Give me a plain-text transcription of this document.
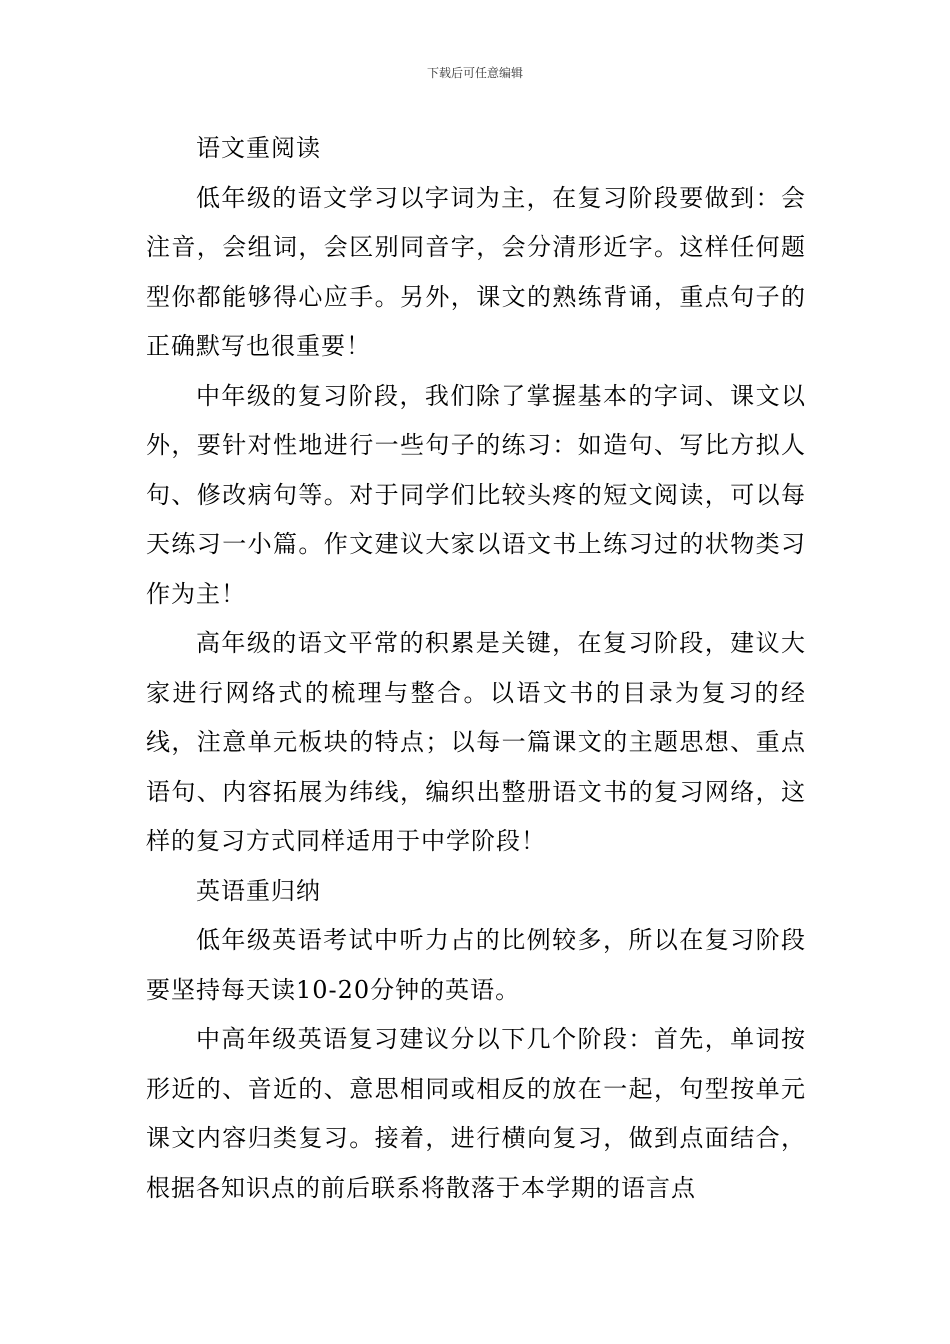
下载后可任意编辑

语文重阅读

低年级的语文学习以字词为主，在复习阶段要做到：会注音，会组词，会区别同音字，会分清形近字。这样任何题型你都能够得心应手。另外，课文的熟练背诵，重点句子的正确默写也很重要！

中年级的复习阶段，我们除了掌握基本的字词、课文以外，要针对性地进行一些句子的练习：如造句、写比方拟人句、修改病句等。对于同学们比较头疼的短文阅读，可以每天练习一小篇。作文建议大家以语文书上练习过的状物类习作为主！

高年级的语文平常的积累是关键，在复习阶段，建议大家进行网络式的梳理与整合。以语文书的目录为复习的经线，注意单元板块的特点；以每一篇课文的主题思想、重点语句、内容拓展为纬线，编织出整册语文书的复习网络，这样的复习方式同样适用于中学阶段！

英语重归纳

低年级英语考试中听力占的比例较多，所以在复习阶段要坚持每天读10-20分钟的英语。

中高年级英语复习建议分以下几个阶段：首先，单词按形近的、音近的、意思相同或相反的放在一起，句型按单元课文内容归类复习。接着，进行横向复习，做到点面结合，根据各知识点的前后联系将散落于本学期的语言点
